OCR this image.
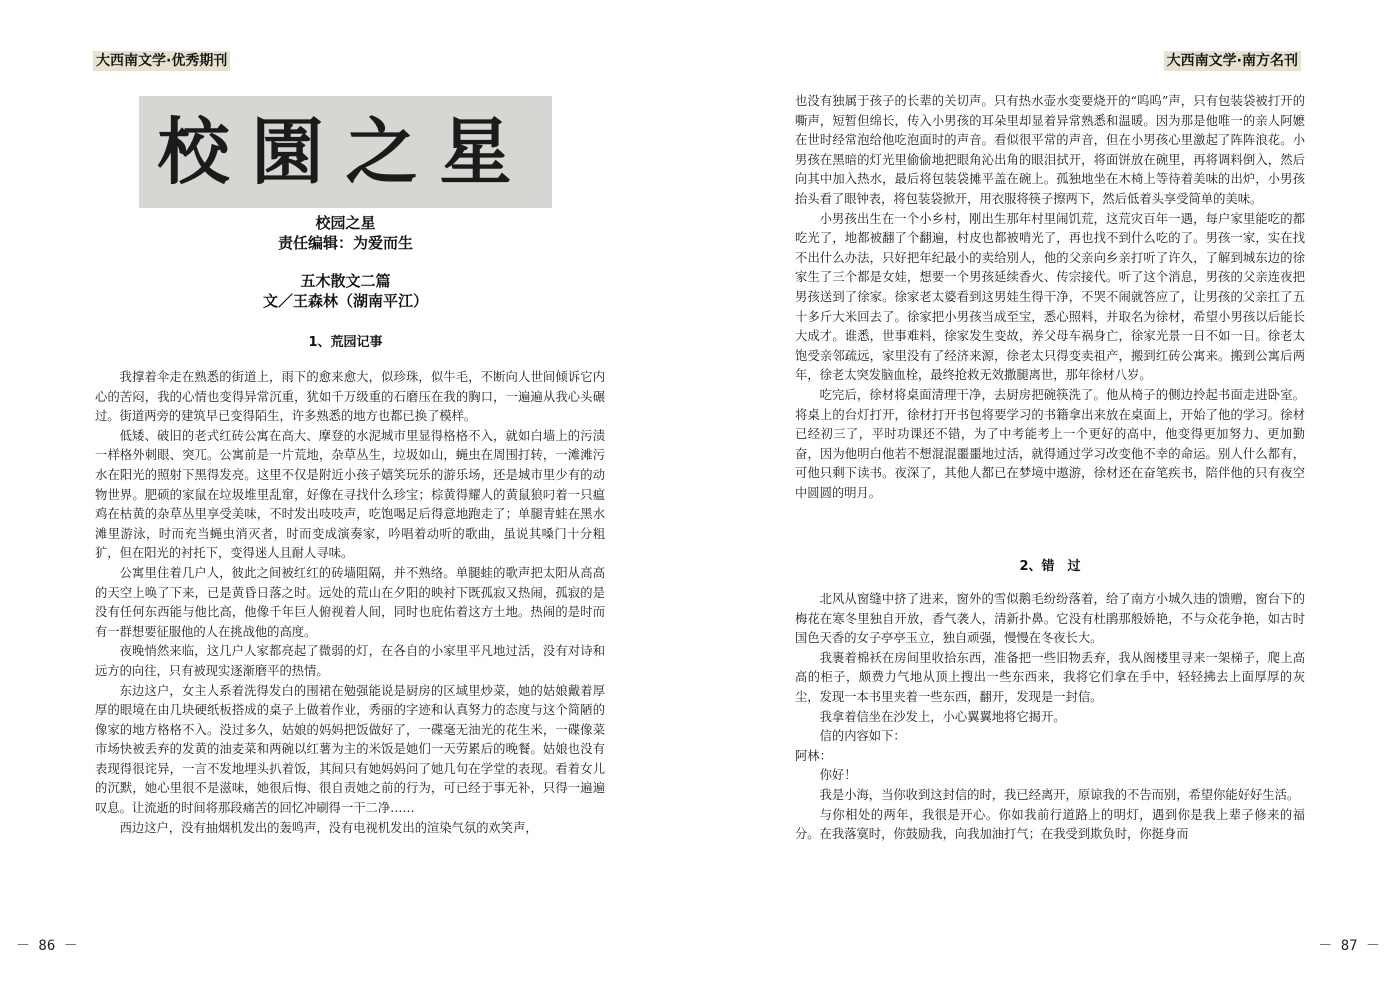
大西南文学·优秀期刊
校園之星
校园之星
责任编辑：为爱而生
五木散文二篇
文／王森林（湖南平江）
1、荒园记事

我撑着伞走在熟悉的街道上，雨下的愈来愈大，似珍珠，似牛毛，不断向人世间倾诉它内心的苦闷，我的心情也变得异常沉重，犹如千万级重的石磨压在我的胸口，一遍遍从我心头碾过。街道两旁的建筑早已变得陌生，许多熟悉的地方也都已换了模样。

低矮、破旧的老式红砖公寓在高大、摩登的水泥城市里显得格格不入，就如白墙上的污渍一样格外刺眼、突兀。公寓前是一片荒地，杂草丛生，垃圾如山，蝇虫在周围打转，一滩滩污水在阳光的照射下黑得发亮。这里不仅是附近小孩子嬉笑玩乐的游乐场，还是城市里少有的动物世界。肥硕的家鼠在垃圾堆里乱窜，好像在寻找什么珍宝；棕黄得耀人的黄鼠狼叼着一只瘟鸡在枯黄的杂草丛里享受美味，不时发出吱吱声，吃饱喝足后得意地跑走了；单腿青蛙在黑水滩里游泳，时而充当蝇虫消灭者，时而变成演奏家，吟唱着动听的歌曲，虽说其嗓门十分粗犷，但在阳光的衬托下，变得迷人且耐人寻味。

公寓里住着几户人，彼此之间被红红的砖墙阻隔，并不熟络。单腿蛙的歌声把太阳从高高的天空上唤了下来，已是黄昏日落之时。远处的荒山在夕阳的映衬下既孤寂又热闹，孤寂的是没有任何东西能与他比高，他像千年巨人俯视着人间，同时也庇佑着这方土地。热闹的是时而有一群想要征服他的人在挑战他的高度。

夜晚悄然来临，这几户人家都亮起了微弱的灯，在各自的小家里平凡地过活，没有对诗和远方的向往，只有被现实逐渐磨平的热情。

东边这户，女主人系着洗得发白的围裙在勉强能说是厨房的区域里炒菜，她的姑娘戴着厚厚的眼境在由几块硬纸板搭成的桌子上做着作业，秀丽的字迹和认真努力的态度与这个简陋的像家的地方格格不入。没过多久，姑娘的妈妈把饭做好了，一碟毫无油光的花生米，一碟像菜市场快被丢弃的发黄的油麦菜和两碗以红薯为主的米饭是她们一天劳累后的晚餐。姑娘也没有表现得很诧异，一言不发地埋头扒着饭，其间只有她妈妈问了她几句在学堂的表现。看着女儿的沉默，她心里很不是滋味，她很后悔、很自责她之前的行为，可已经于事无补，只得一遍遍叹息。让流逝的时间将那段痛苦的回忆冲刷得一干二净……

西边这户，没有抽烟机发出的轰鸣声，没有电视机发出的渲染气氛的欢笑声，

－ 86 －
大西南文学·南方名刊
－ 87 －

也没有独属于孩子的长辈的关切声。只有热水壶水变要烧开的“呜呜”声，只有包装袋被打开的嘶声，短暂但绵长，传入小男孩的耳朵里却显着异常熟悉和温暖。因为那是他唯一的亲人阿嬷在世时经常泡给他吃泡面时的声音。看似很平常的声音，但在小男孩心里激起了阵阵浪花。小男孩在黑暗的灯光里偷偷地把眼角沁出角的眼泪拭开，将面饼放在碗里，再将调料倒入，然后向其中加入热水，最后将包装袋摊平盖在碗上。孤独地坐在木椅上等待着美味的出炉，小男孩抬头看了眼钟表，将包装袋掀开，用衣服将筷子擦两下，然后低着头享受简单的美味。

小男孩出生在一个小乡村，刚出生那年村里闹饥荒，这荒灾百年一遇，每户家里能吃的都吃光了，地都被翻了个翻遍，村皮也都被啃光了，再也找不到什么吃的了。男孩一家，实在找不出什么办法，只好把年纪最小的卖给别人，他的父亲向乡亲打听了许久，了解到城东边的徐家生了三个都是女娃，想要一个男孩延续香火、传宗接代。听了这个消息，男孩的父亲连夜把男孩送到了徐家。徐家老太婆看到这男娃生得干净，不哭不闹就答应了，让男孩的父亲扛了五十多斤大米回去了。徐家把小男孩当成至宝，悉心照料，并取名为徐材，希望小男孩以后能长大成才。谁悉，世事难料，徐家发生变故，养父母车祸身亡，徐家光景一日不如一日。徐老太饱受亲邻疏远，家里没有了经济来源，徐老太只得变卖祖产，搬到红砖公寓来。搬到公寓后两年，徐老太突发脑血栓，最终抢救无效撒腿离世，那年徐材八岁。

吃完后，徐材将桌面清理干净，去厨房把碗筷洗了。他从椅子的侧边拎起书面走进卧室。将桌上的台灯打开，徐材打开书包将要学习的书籍拿出来放在桌面上，开始了他的学习。徐材已经初三了，平时功课还不错，为了中考能考上一个更好的高中，他变得更加努力、更加勤奋，因为他明白他若不想混混噩噩地过活，就得通过学习改变他不幸的命运。别人什么都有，可他只剩下读书。夜深了，其他人都已在梦境中遨游，徐材还在奋笔疾书，陪伴他的只有夜空中圆圆的明月。

2、错　过

北风从窗缝中挤了进来，窗外的雪似鹅毛纷纷落着，给了南方小城久违的馈赠，窗台下的梅花在寒冬里独自开放，香气袭人，清新扑鼻。它没有杜鹃那般娇艳，不与众花争艳，如古时国色天香的女子亭亭玉立，独自顽强，慢慢在冬夜长大。

我裹着棉袄在房间里收拾东西，准备把一些旧物丢弃，我从阁楼里寻来一架梯子，爬上高高的柜子，颇费力气地从顶上搜出一些东西来，我将它们拿在手中，轻轻拂去上面厚厚的灰尘，发现一本书里夹着一些东西，翻开，发现是一封信。

我拿着信坐在沙发上，小心翼翼地将它揭开。

信的内容如下：

阿林：

你好！

我是小海，当你收到这封信的时，我已经离开，原谅我的不告而别，希望你能好好生活。

与你相处的两年，我很是开心。你如我前行道路上的明灯，遇到你是我上辈子修来的福分。在我落寞时，你鼓励我，向我加油打气；在我受到欺负时，你挺身而
